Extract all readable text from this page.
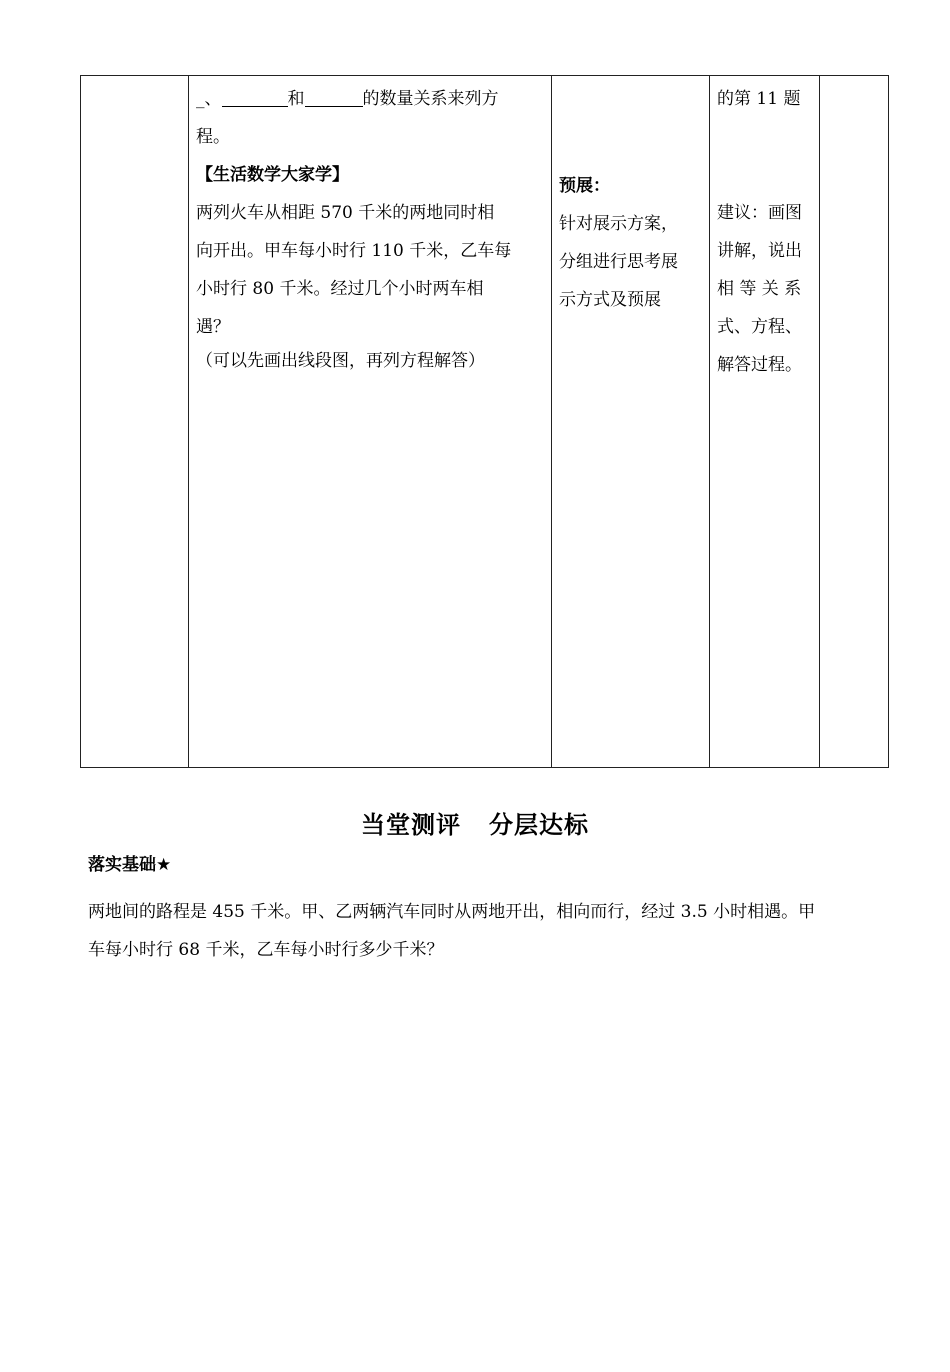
_、	和	的数量关系来列方
程。
【生活数学大家学】
两列火车从相距 570 千米的两地同时相
向开出。甲车每小时行 110 千米，乙车每
小时行 80 千米。经过几个小时两车相
遇？
（可以先画出线段图，再列方程解答）

预展：
针对展示方案，
分组进行思考展
示方式及预展

的第 11 题
建议：画图
讲解，说出
相 等 关 系
式、方程、
解答过程。

当堂测评   分层达标
落实基础★
两地间的路程是 455 千米。甲、乙两辆汽车同时从两地开出，相向而行，经过 3.5 小时相遇。甲
车每小时行 68 千米，乙车每小时行多少千米？
